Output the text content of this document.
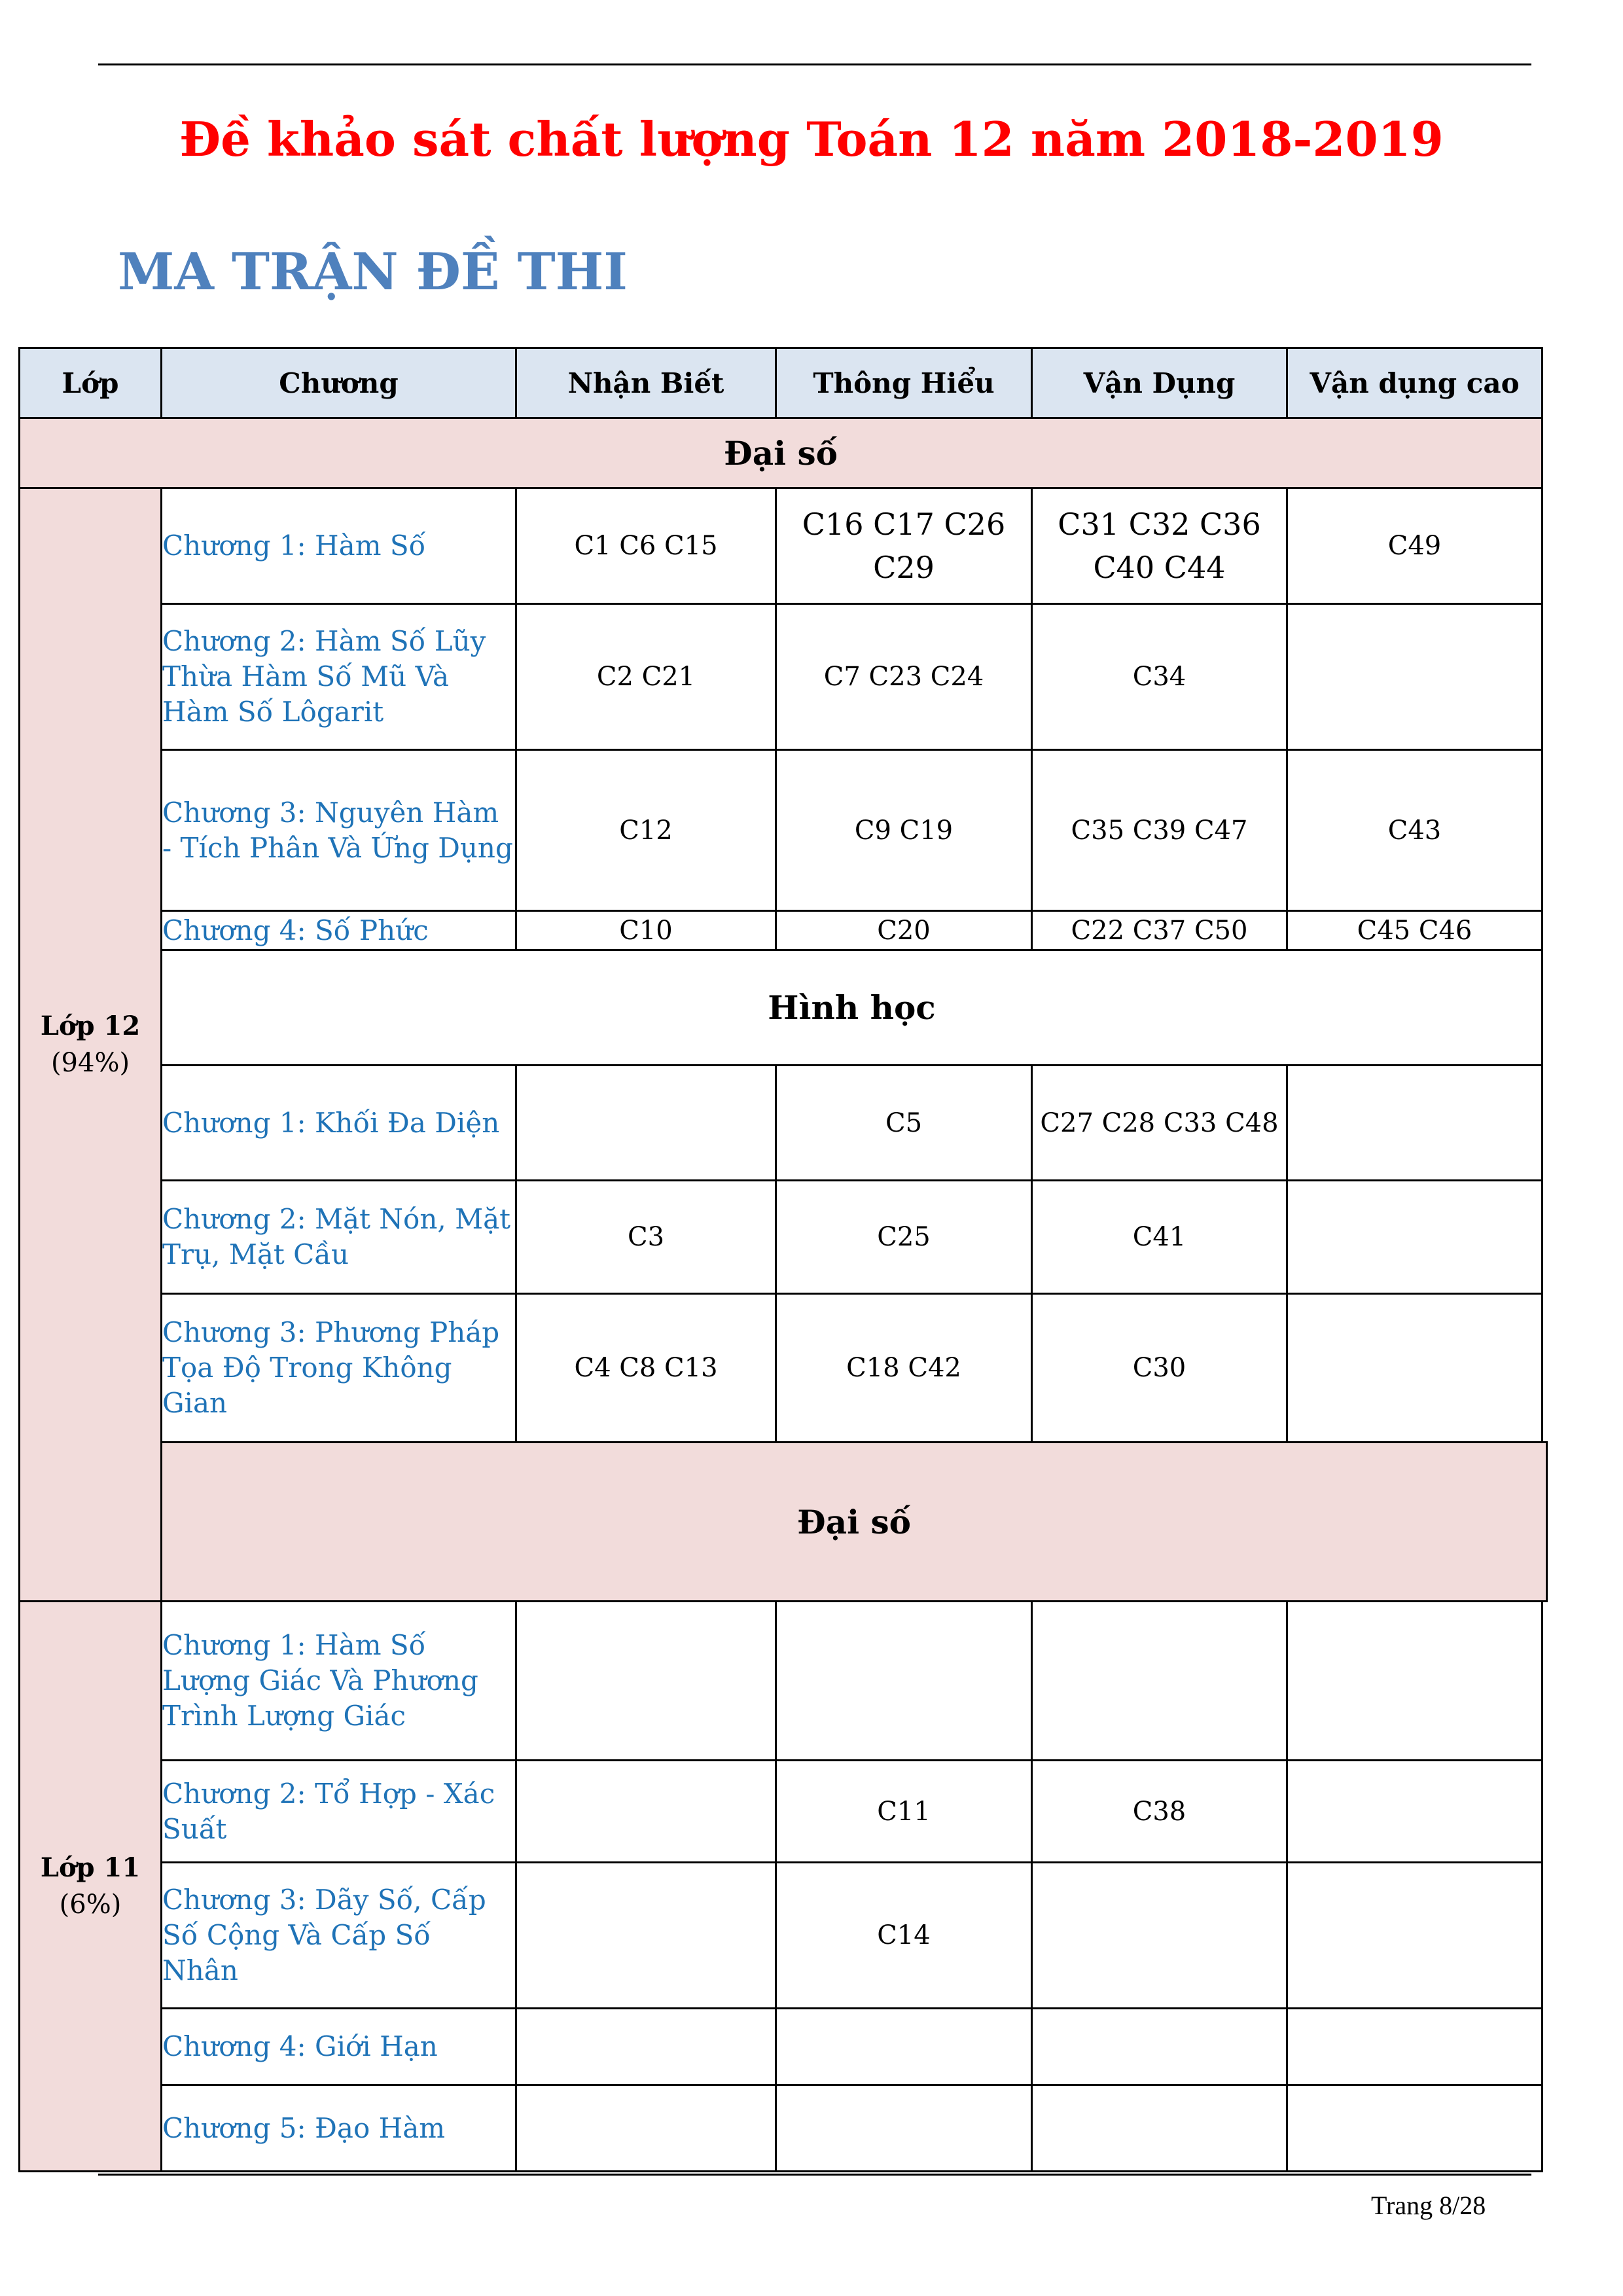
Đề khảo sát chất lượng Toán 12 năm 2018-2019
MA TRẬN ĐỀ THI
Lớp	Chương	Nhận Biết	Thông Hiểu	Vận Dụng	Vận dụng cao
Đại số					

Lớp 12
(94%)	Chương 1: Hàm Số	C1 C6 C15	C16 C17 C26 C29	C31 C32 C36 C40 C44	C49
	Chương 2: Hàm Số Lũy Thừa Hàm Số Mũ Và Hàm Số Lôgarit	C2 C21	C7 C23 C24	C34	
	Chương 3: Nguyên Hàm - Tích Phân Và Ứng Dụng	C12	C9 C19	C35 C39 C47	C43
	Chương 4: Số Phức	C10	C20	C22 C37 C50	C45 C46
	Hình học				
	Chương 1: Khối Đa Diện		C5	C27 C28 C33 C48	
	Chương 2: Mặt Nón, Mặt Trụ, Mặt Cầu	C3	C25	C41	
	Chương 3: Phương Pháp Tọa Độ Trong Không Gian	C4 C8 C13	C18 C42	C30	
	Đại số				

Lớp 11
(6%)	Chương 1: Hàm Số Lượng Giác Và Phương Trình Lượng Giác				
	Chương 2: Tổ Hợp - Xác Suất		C11	C38	
	Chương 3: Dãy Số, Cấp Số Cộng Và Cấp Số Nhân		C14		
	Chương 4: Giới Hạn				
	Chương 5: Đạo Hàm				
Trang 8/28
